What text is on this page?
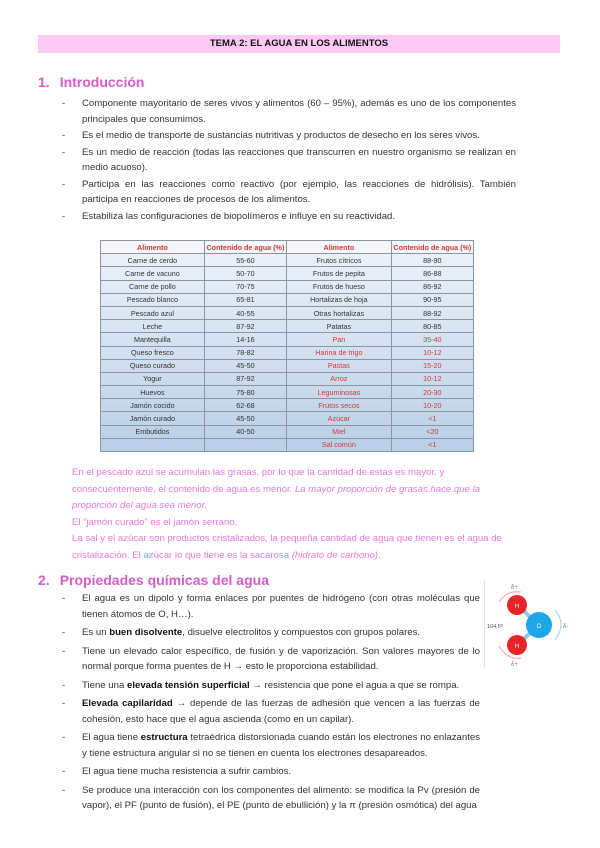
TEMA 2: EL AGUA EN LOS ALIMENTOS
1. Introducción
- Componente mayoritario de seres vivos y alimentos (60 – 95%), además es uno de los componentes principales que consumimos.
- Es el medio de transporte de sustancias nutritivas y productos de desecho en los seres vivos.
- Es un medio de reacción (todas las reacciones que transcurren en nuestro organismo se realizan en medio acuoso).
- Participa en las reacciones como reactivo (por ejemplo, las reacciones de hidrólisis). También participa en reacciones de procesos de los alimentos.
- Estabiliza las configuraciones de biopolímeros e influye en su reactividad.
Alimento	Contenido de agua (%)	Alimento	Contenido de agua (%)
Carne de cerdo	55-60	Frutos cítricos	88-90
Carne de vacuno	50-70	Frutos de pepita	86-88
Carne de pollo	70-75	Frutos de hueso	86-92
Pescado blanco	65-81	Hortalizas de hoja	90-95
Pescado azul	40-55	Otras hortalizas	88-92
Leche	87-92	Patatas	80-85
Mantequilla	14-16	Pan	35-40
Queso fresco	78-82	Harina de trigo	10-12
Queso curado	45-50	Pastas	15-20
Yogur	87-92	Arroz	10-12
Huevos	75-80	Leguminosas	20-30
Jamón cocido	62-68	Frutos secos	10-20
Jamón curado	45-50	Azúcar	<1
Embutidos	40-50	Miel	<20
		Sal común	<1

En el pescado azul se acumulan las grasas, por lo que la cantidad de estas es mayor, y consecuentemente, el contenido de agua es menor. La mayor proporción de grasas hace que la proporción del agua sea menor.

El “jamón curado” es el jamón serrano.

La sal y el azúcar son productos cristalizados, la pequeña cantidad de agua que tienen es el agua de cristalización. El azúcar lo que tiene es la sacarosa (hidrato de carbono).

2. Propiedades químicas del agua
- El agua es un dipolo y forma enlaces por puentes de hidrógeno (con otras moléculas que tienen átomos de O, H…).
- Es un buen disolvente, disuelve electrolitos y compuestos con grupos polares.
- Tiene un elevado calor específico, de fusión y de vaporización. Son valores mayores de lo normal porque forma puentes de H → esto le proporciona estabilidad.
- Tiene una elevada tensión superficial → resistencia que pone el agua a que se rompa.
- Elevada capilaridad → depende de las fuerzas de adhesión que vencen a las fuerzas de cohesión, esto hace que el agua ascienda (como en un capilar).
- El agua tiene estructura tetraédrica distorsionada cuando están los electrones no enlazantes y tiene estructura angular si no se tienen en cuenta los electrones desapareados.
- El agua tiene mucha resistencia a sufrir cambios.
- Se produce una interacción con los componentes del alimento: se modifica la Pv (presión de vapor), el PF (punto de fusión), el PE (punto de ebullición) y la π (presión osmótica) del agua
H
H
O
104,5º
δ+
δ+
δ-
